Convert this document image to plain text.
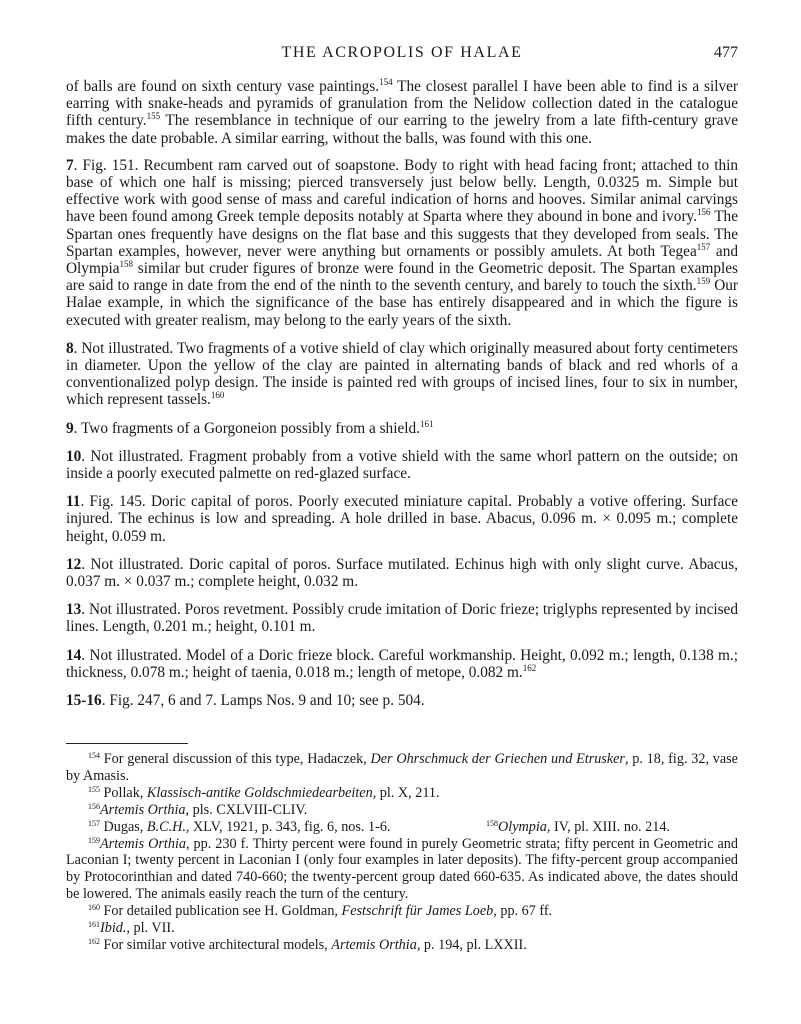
THE ACROPOLIS OF HALAE	477

of balls are found on sixth century vase paintings.$^{154}$ The closest parallel I have been able to find is a silver earring with snake-heads and pyramids of granulation from the Nelidow collection dated in the catalogue fifth century.$^{155}$ The resemblance in technique of our earring to the jewelry from a late fifth-century grave makes the date probable. A similar earring, without the balls, was found with this one.

7. Fig. 151. Recumbent ram carved out of soapstone. Body to right with head facing front; attached to thin base of which one half is missing; pierced transversely just below belly. Length, 0.0325 m. Simple but effective work with good sense of mass and careful indication of horns and hooves. Similar animal carvings have been found among Greek temple deposits notably at Sparta where they abound in bone and ivory.$^{156}$ The Spartan ones frequently have designs on the flat base and this suggests that they developed from seals. The Spartan examples, however, never were anything but ornaments or possibly amulets. At both Tegea$^{157}$ and Olympia$^{158}$ similar but cruder figures of bronze were found in the Geometric deposit. The Spartan examples are said to range in date from the end of the ninth to the seventh century, and barely to touch the sixth.$^{159}$ Our Halae example, in which the significance of the base has entirely disappeared and in which the figure is executed with greater realism, may belong to the early years of the sixth.

8. Not illustrated. Two fragments of a votive shield of clay which originally measured about forty centimeters in diameter. Upon the yellow of the clay are painted in alternating bands of black and red whorls of a conventionalized polyp design. The inside is painted red with groups of incised lines, four to six in number, which represent tassels.$^{160}$

9. Two fragments of a Gorgoneion possibly from a shield.$^{161}$

10. Not illustrated. Fragment probably from a votive shield with the same whorl pattern on the outside; on inside a poorly executed palmette on red-glazed surface.

11. Fig. 145. Doric capital of poros. Poorly executed miniature capital. Probably a votive offering. Surface injured. The echinus is low and spreading. A hole drilled in base. Abacus, 0.096 m. × 0.095 m.; complete height, 0.059 m.

12. Not illustrated. Doric capital of poros. Surface mutilated. Echinus high with only slight curve. Abacus, 0.037 m. × 0.037 m.; complete height, 0.032 m.

13. Not illustrated. Poros revetment. Possibly crude imitation of Doric frieze; triglyphs represented by incised lines. Length, 0.201 m.; height, 0.101 m.

14. Not illustrated. Model of a Doric frieze block. Careful workmanship. Height, 0.092 m.; length, 0.138 m.; thickness, 0.078 m.; height of taenia, 0.018 m.; length of metope, 0.082 m.$^{162}$

15-16. Fig. 247, 6 and 7. Lamps Nos. 9 and 10; see p. 504.

$^{154}$ For general discussion of this type, Hadaczek, Der Ohrschmuck der Griechen und Etrusker, p. 18, fig. 32, vase by Amasis.

$^{155}$ Pollak, Klassisch-antike Goldschmiedearbeiten, pl. X, 211.

$^{156}$Artemis Orthia, pls. CXLVIII-CLIV.

$^{157}$ Dugas, B.C.H., XLV, 1921, p. 343, fig. 6, nos. 1-6.	$^{158}$Olympia, IV, pl. XIII. no. 214.

$^{159}$Artemis Orthia, pp. 230 f. Thirty percent were found in purely Geometric strata; fifty percent in Geometric and Laconian I; twenty percent in Laconian I (only four examples in later deposits). The fifty-percent group accompanied by Protocorinthian and dated 740-660; the twenty-percent group dated 660-635. As indicated above, the dates should be lowered. The animals easily reach the turn of the century.

$^{160}$ For detailed publication see H. Goldman, Festschrift für James Loeb, pp. 67 ff.

$^{161}$Ibid., pl. VII.

$^{162}$ For similar votive architectural models, Artemis Orthia, p. 194, pl. LXXII.
